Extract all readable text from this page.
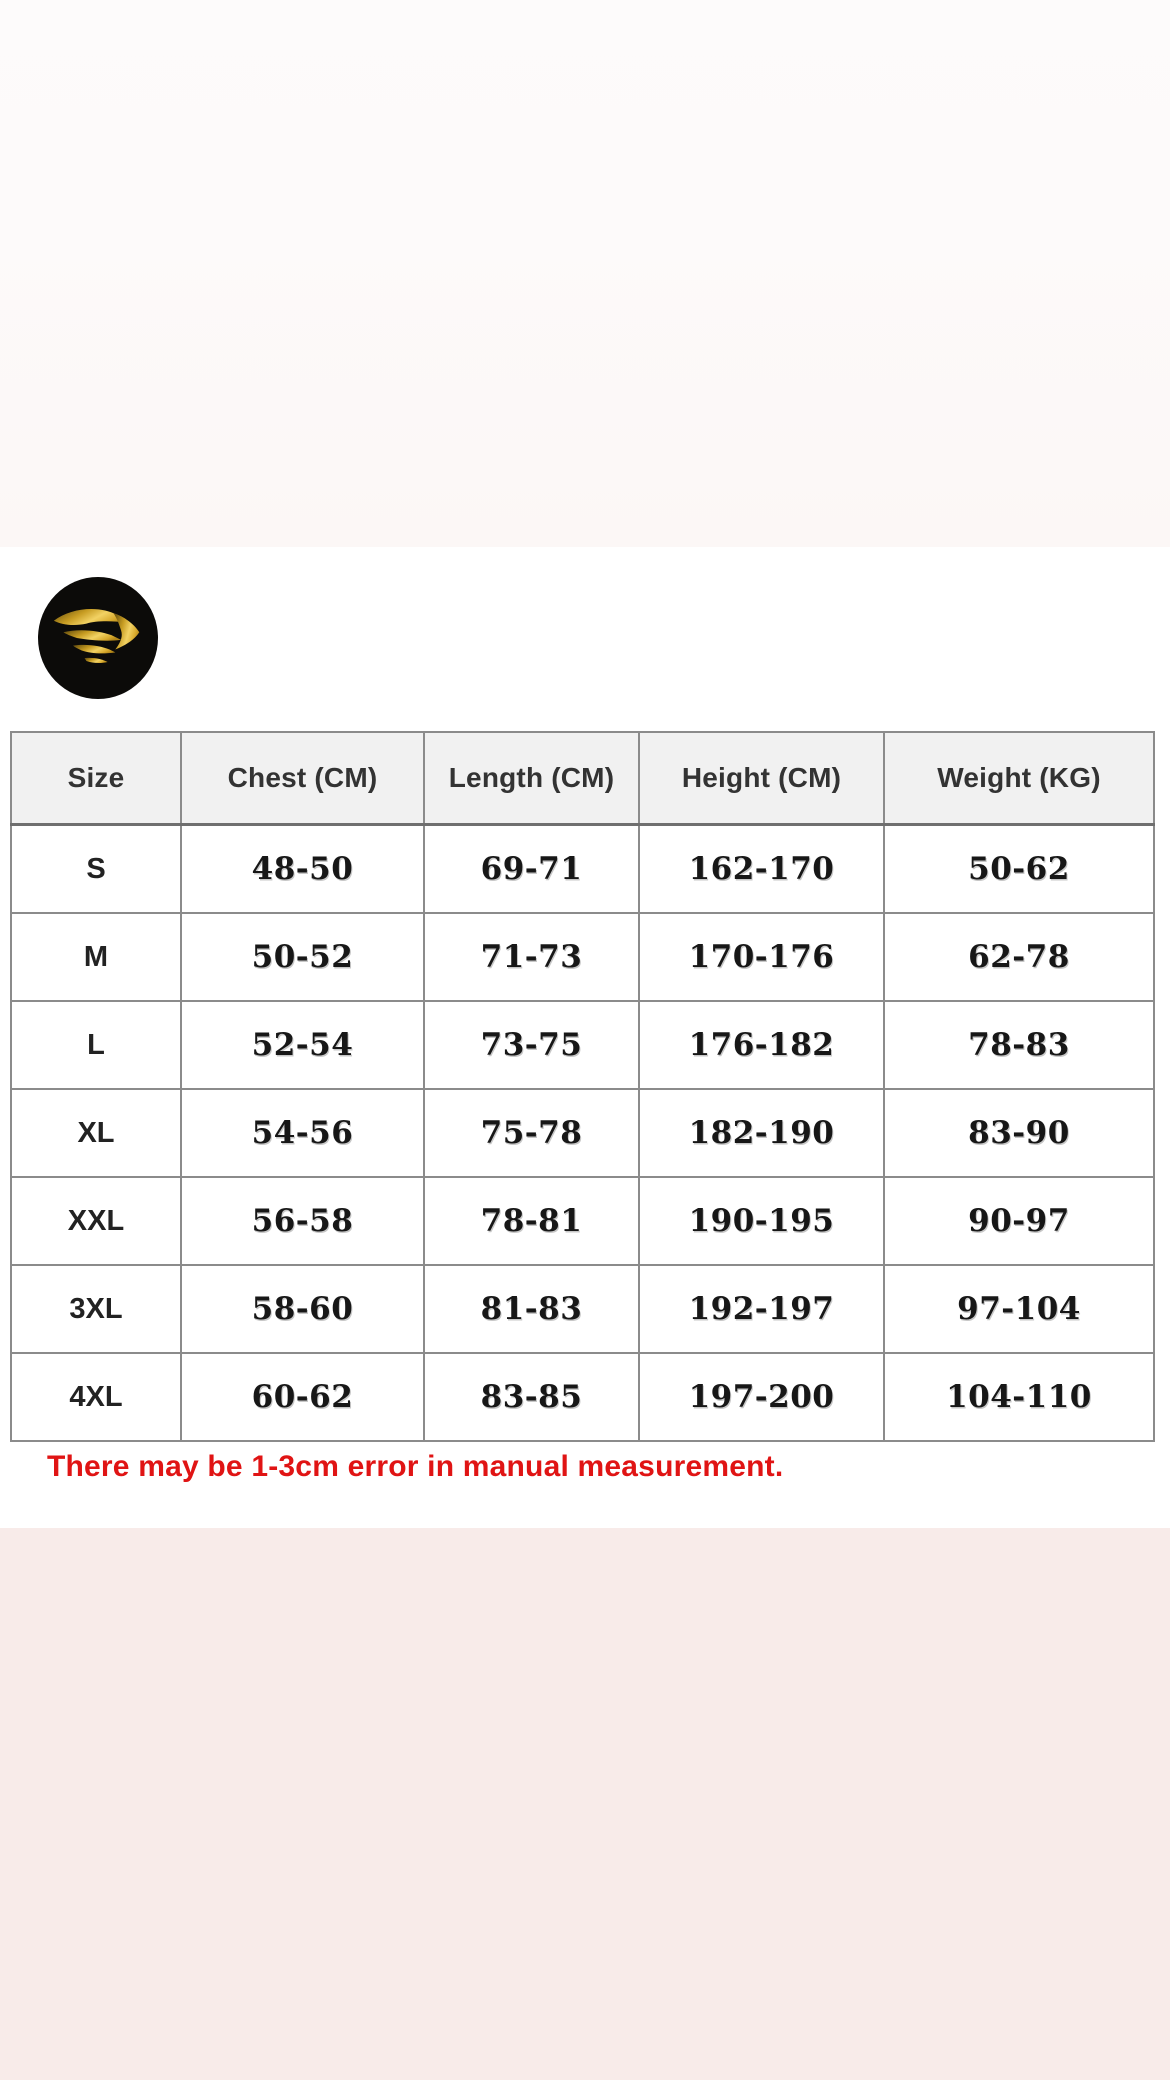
Size	Chest (CM)	Length (CM)	Height (CM)	Weight (KG)
S	48-50	69-71	162-170	50-62
M	50-52	71-73	170-176	62-78
L	52-54	73-75	176-182	78-83
XL	54-56	75-78	182-190	83-90
XXL	56-58	78-81	190-195	90-97
3XL	58-60	81-83	192-197	97-104
4XL	60-62	83-85	197-200	104-110
There may be 1-3cm error in manual measurement.
